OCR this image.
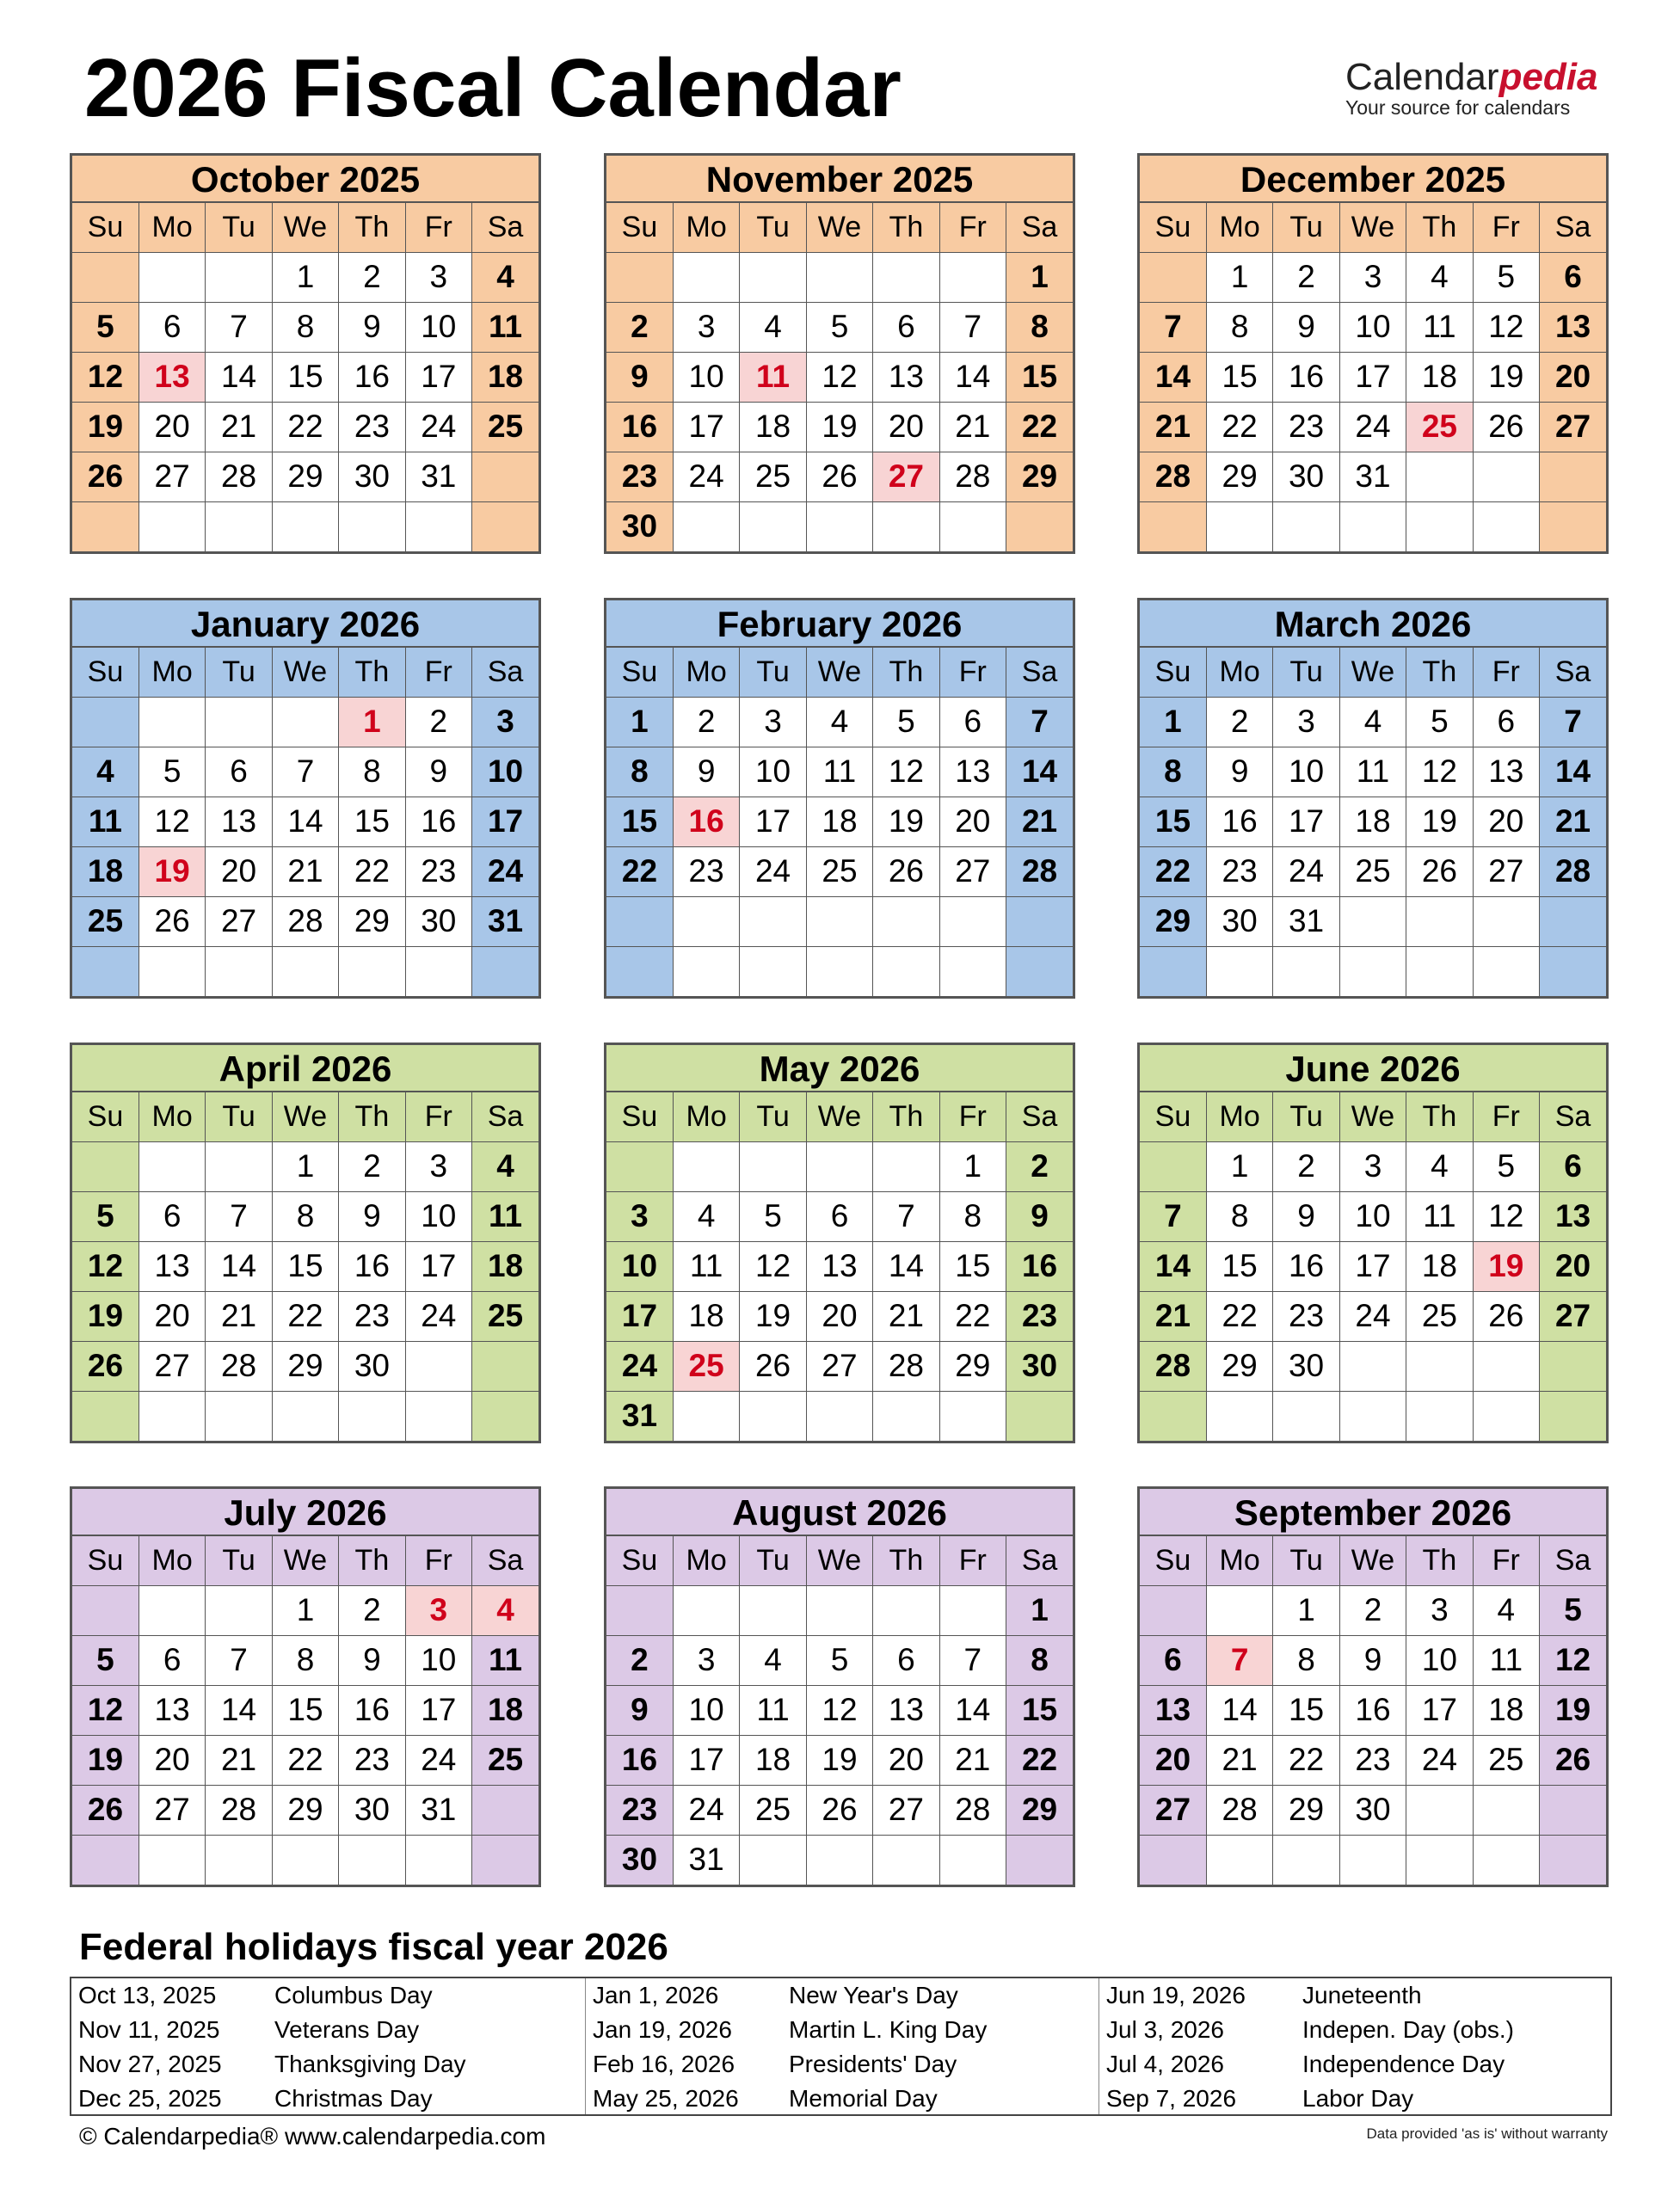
2026 Fiscal Calendar	Calendarpedia
Your source for calendars
October 2025
Su	Mo	Tu	We	Th	Fr	Sa
			1	2	3	4
5	6	7	8	9	10	11
12	13	14	15	16	17	18
19	20	21	22	23	24	25
26	27	28	29	30	31	

November 2025
Su	Mo	Tu	We	Th	Fr	Sa
						1
2	3	4	5	6	7	8
9	10	11	12	13	14	15
16	17	18	19	20	21	22
23	24	25	26	27	28	29
30						
December 2025
Su	Mo	Tu	We	Th	Fr	Sa
	1	2	3	4	5	6
7	8	9	10	11	12	13
14	15	16	17	18	19	20
21	22	23	24	25	26	27
28	29	30	31			

January 2026
Su	Mo	Tu	We	Th	Fr	Sa
				1	2	3
4	5	6	7	8	9	10
11	12	13	14	15	16	17
18	19	20	21	22	23	24
25	26	27	28	29	30	31

February 2026
Su	Mo	Tu	We	Th	Fr	Sa
1	2	3	4	5	6	7
8	9	10	11	12	13	14
15	16	17	18	19	20	21
22	23	24	25	26	27	28

March 2026
Su	Mo	Tu	We	Th	Fr	Sa
1	2	3	4	5	6	7
8	9	10	11	12	13	14
15	16	17	18	19	20	21
22	23	24	25	26	27	28
29	30	31				

April 2026
Su	Mo	Tu	We	Th	Fr	Sa
			1	2	3	4
5	6	7	8	9	10	11
12	13	14	15	16	17	18
19	20	21	22	23	24	25
26	27	28	29	30		

May 2026
Su	Mo	Tu	We	Th	Fr	Sa
					1	2
3	4	5	6	7	8	9
10	11	12	13	14	15	16
17	18	19	20	21	22	23
24	25	26	27	28	29	30
31						
June 2026
Su	Mo	Tu	We	Th	Fr	Sa
	1	2	3	4	5	6
7	8	9	10	11	12	13
14	15	16	17	18	19	20
21	22	23	24	25	26	27
28	29	30				

July 2026
Su	Mo	Tu	We	Th	Fr	Sa
			1	2	3	4
5	6	7	8	9	10	11
12	13	14	15	16	17	18
19	20	21	22	23	24	25
26	27	28	29	30	31	

August 2026
Su	Mo	Tu	We	Th	Fr	Sa
						1
2	3	4	5	6	7	8
9	10	11	12	13	14	15
16	17	18	19	20	21	22
23	24	25	26	27	28	29
30	31					
September 2026
Su	Mo	Tu	We	Th	Fr	Sa
		1	2	3	4	5
6	7	8	9	10	11	12
13	14	15	16	17	18	19
20	21	22	23	24	25	26
27	28	29	30			

Federal holidays fiscal year 2026
Oct 13, 2025 Columbus Day
Nov 11, 2025 Veterans Day
Nov 27, 2025 Thanksgiving Day
Dec 25, 2025 Christmas Day
Jan 1, 2026	New Year's Day
Jan 19, 2026 Martin L. King Day
Feb 16, 2026 Presidents' Day
May 25, 2026 Memorial Day
Jun 19, 2026 Juneteenth
Jul 3, 2026	Indepen. Day (obs.)
Jul 4, 2026	Independence Day
Sep 7, 2026	Labor Day
© Calendarpedia® www.calendarpedia.com	Data provided 'as is' without warranty
